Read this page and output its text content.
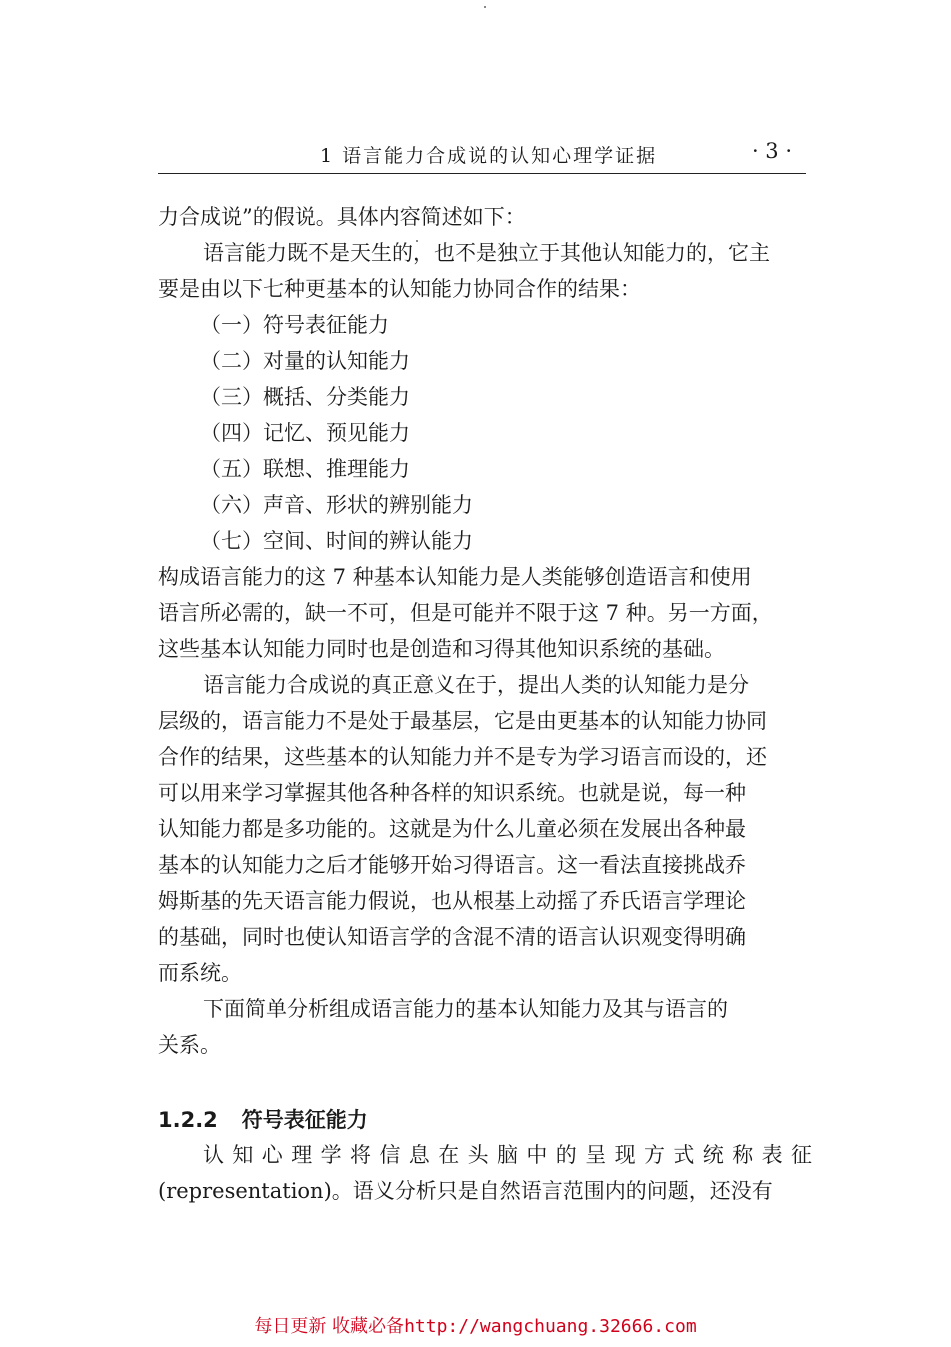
1 语言能力合成说的认知心理学证据	· 3 ·
力合成说”的假说。具体内容简述如下：
语言能力既不是天生的，也不是独立于其他认知能力的，它主
要是由以下七种更基本的认知能力协同合作的结果：
（一）符号表征能力
（二）对量的认知能力
（三）概括、分类能力
（四）记忆、预见能力
（五）联想、推理能力
（六）声音、形状的辨别能力
（七）空间、时间的辨认能力
构成语言能力的这 7 种基本认知能力是人类能够创造语言和使用
语言所必需的，缺一不可，但是可能并不限于这 7 种。另一方面，
这些基本认知能力同时也是创造和习得其他知识系统的基础。
语言能力合成说的真正意义在于，提出人类的认知能力是分
层级的，语言能力不是处于最基层，它是由更基本的认知能力协同
合作的结果，这些基本的认知能力并不是专为学习语言而设的，还
可以用来学习掌握其他各种各样的知识系统。也就是说，每一种
认知能力都是多功能的。这就是为什么儿童必须在发展出各种最
基本的认知能力之后才能够开始习得语言。这一看法直接挑战乔
姆斯基的先天语言能力假说，也从根基上动摇了乔氏语言学理论
的基础，同时也使认知语言学的含混不清的语言认识观变得明确
而系统。
下面简单分析组成语言能力的基本认知能力及其与语言的
关系。
1.2.2 符号表征能力
认知心理学将信息在头脑中的呈现方式统称表征
(representation)。语义分析只是自然语言范围内的问题，还没有
每日更新 收藏必备http://wangchuang.32666.com
